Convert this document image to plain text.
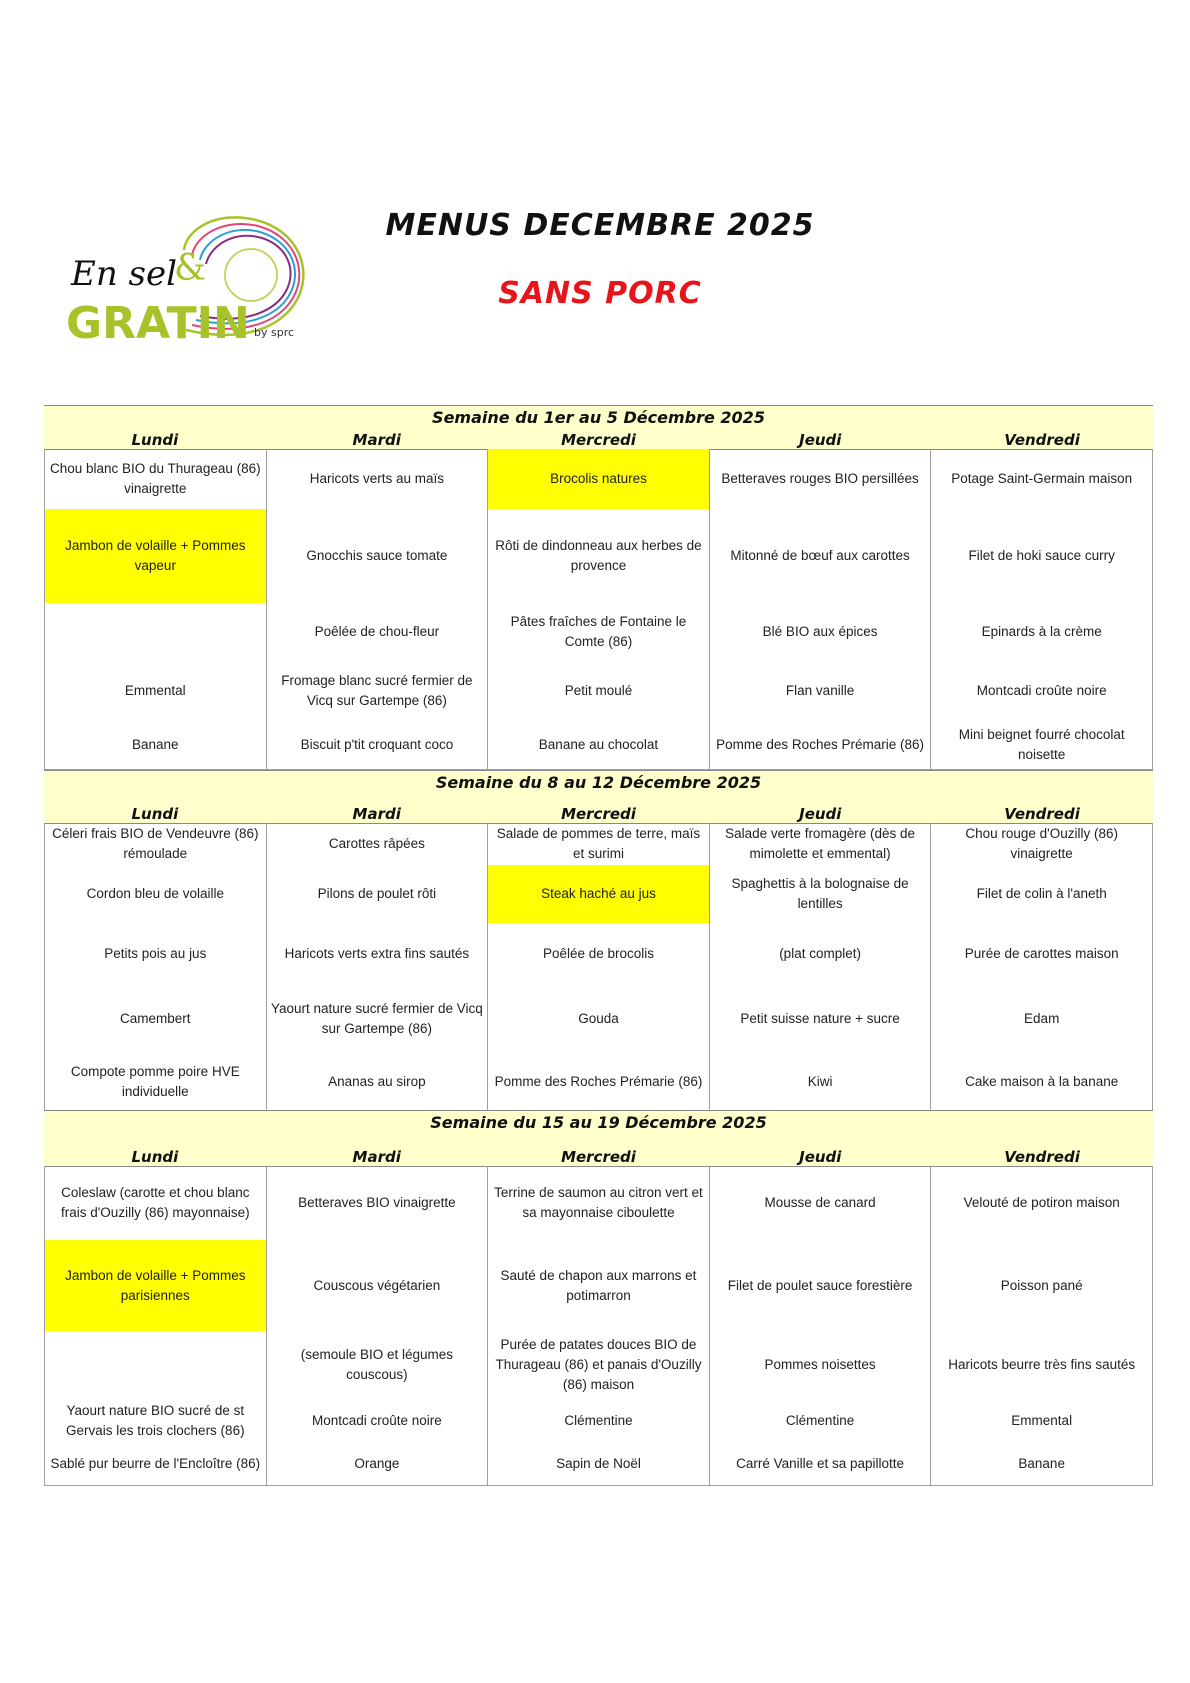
En sel
&
GRATIN by sprc
MENUS DECEMBRE 2025
SANS PORC
Semaine du 1er au 5 Décembre 2025
Lundi	Mardi	Mercredi	Jeudi	Vendredi
Chou blanc BIO du Thurageau (86) vinaigrette	Haricots verts au maïs	Brocolis natures	Betteraves rouges BIO persillées	Potage Saint-Germain maison
Jambon de volaille + Pommes vapeur	Gnocchis sauce tomate	Rôti de dindonneau aux herbes de provence	Mitonné de bœuf aux carottes	Filet de hoki sauce curry
	Poêlée de chou-fleur	Pâtes fraîches de Fontaine le Comte (86)	Blé BIO aux épices	Epinards à la crème
Emmental	Fromage blanc sucré fermier de Vicq sur Gartempe (86)	Petit moulé	Flan vanille	Montcadi croûte noire
Banane	Biscuit p'tit croquant coco	Banane au chocolat	Pomme des Roches Prémarie (86)	Mini beignet fourré chocolat noisette
Semaine du 8 au 12 Décembre 2025
Lundi	Mardi	Mercredi	Jeudi	Vendredi
Céleri frais BIO de Vendeuvre (86) rémoulade	Carottes râpées	Salade de pommes de terre, maïs et surimi	Salade verte fromagère (dès de mimolette et emmental)	Chou rouge d'Ouzilly (86) vinaigrette
Cordon bleu de volaille	Pilons de poulet rôti	Steak haché au jus	Spaghettis à la bolognaise de lentilles	Filet de colin à l'aneth
Petits pois au jus	Haricots verts extra fins sautés	Poêlée de brocolis	(plat complet)	Purée de carottes maison
Camembert	Yaourt nature sucré fermier de Vicq sur Gartempe (86)	Gouda	Petit suisse nature + sucre	Edam
Compote pomme poire HVE individuelle	Ananas au sirop	Pomme des Roches Prémarie (86)	Kiwi	Cake maison à la banane
Semaine du 15 au 19 Décembre 2025
Lundi	Mardi	Mercredi	Jeudi	Vendredi
Coleslaw (carotte et chou blanc frais d'Ouzilly (86) mayonnaise)	Betteraves BIO vinaigrette	Terrine de saumon au citron vert et sa mayonnaise ciboulette	Mousse de canard	Velouté de potiron maison
Jambon de volaille + Pommes parisiennes	Couscous végétarien	Sauté de chapon aux marrons et potimarron	Filet de poulet sauce forestière	Poisson pané
	(semoule BIO et légumes couscous)	Purée de patates douces BIO de Thurageau (86) et panais d'Ouzilly (86) maison	Pommes noisettes	Haricots beurre très fins sautés
Yaourt nature BIO sucré de st Gervais les trois clochers (86)	Montcadi croûte noire	Clémentine	Clémentine	Emmental
Sablé pur beurre de l'Encloître (86)	Orange	Sapin de Noël	Carré Vanille et sa papillotte	Banane
